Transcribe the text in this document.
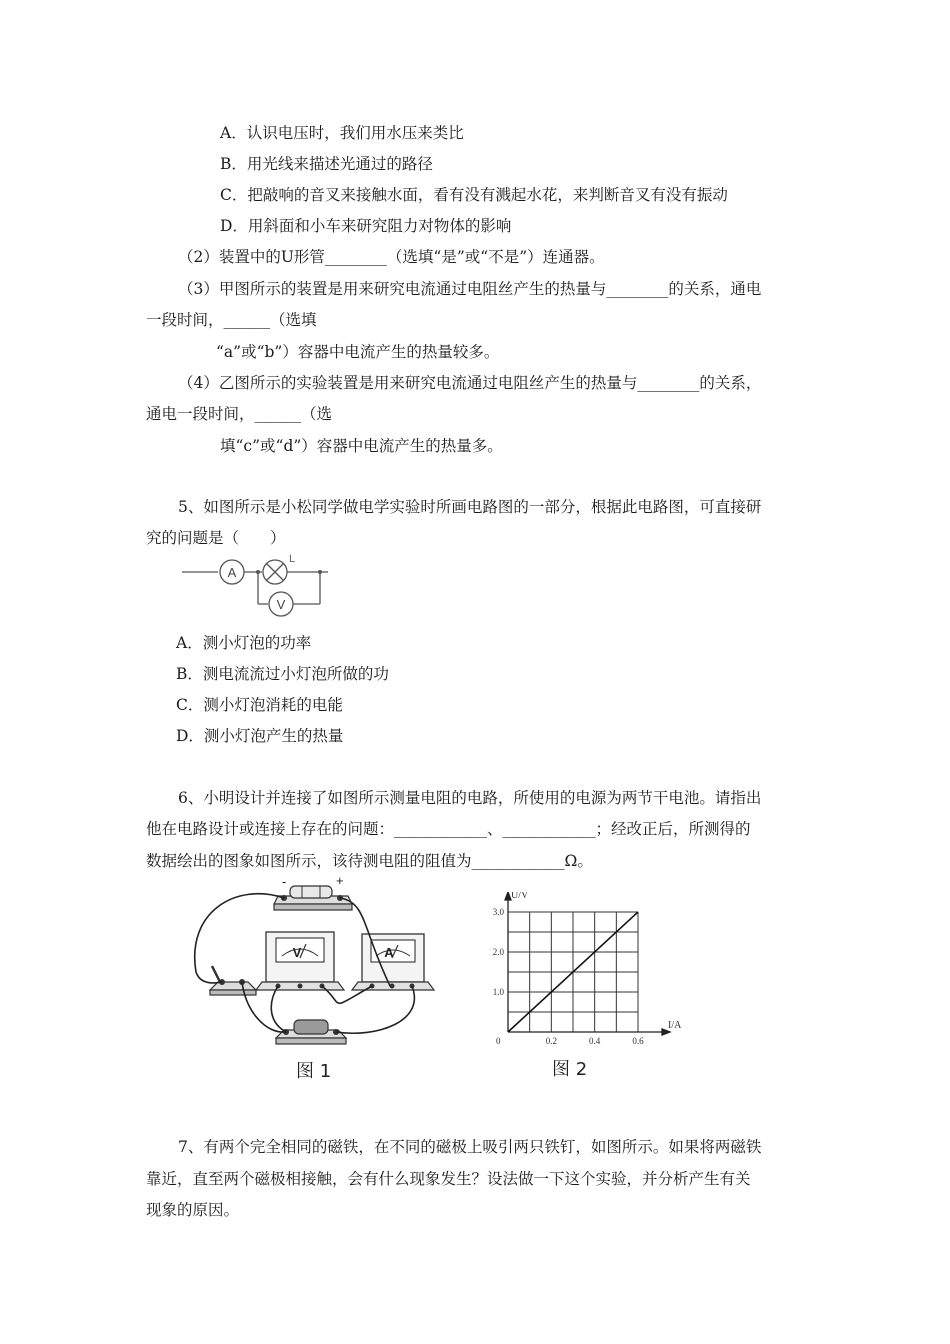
A．认识电压时，我们用水压来类比
B．用光线来描述光通过的路径
C．把敲响的音叉来接触水面，看有没有溅起水花，来判断音叉有没有振动
D．用斜面和小车来研究阻力对物体的影响
（2）装置中的U形管________（选填“是”或“不是”）连通器。
（3）甲图所示的装置是用来研究电流通过电阻丝产生的热量与________的关系，通电
一段时间，______（选填
“a”或“b”）容器中电流产生的热量较多。
（4）乙图所示的实验装置是用来研究电流通过电阻丝产生的热量与________的关系，
通电一段时间，______（选
填“c”或“d”）容器中电流产生的热量多。
5、如图所示是小松同学做电学实验时所画电路图的一部分，根据此电路图，可直接研
究的问题是（　　）
A
V
L
A．测小灯泡的功率
B．测电流流过小灯泡所做的功
C．测小灯泡消耗的电能
D．测小灯泡产生的热量
6、小明设计并连接了如图所示测量电阻的电路，所使用的电源为两节干电池。请指出
他在电路设计或连接上存在的问题：____________、____________；经改正后，所测得的
数据绘出的图象如图所示，该待测电阻的阻值为____________Ω。
-	+
V	A
图 1
U/V
I/A
0
1.0
2.0
3.0
0.2	0.4	0.6
图 2
7、有两个完全相同的磁铁，在不同的磁极上吸引两只铁钉，如图所示。如果将两磁铁
靠近，直至两个磁极相接触，会有什么现象发生？设法做一下这个实验，并分析产生有关
现象的原因。
